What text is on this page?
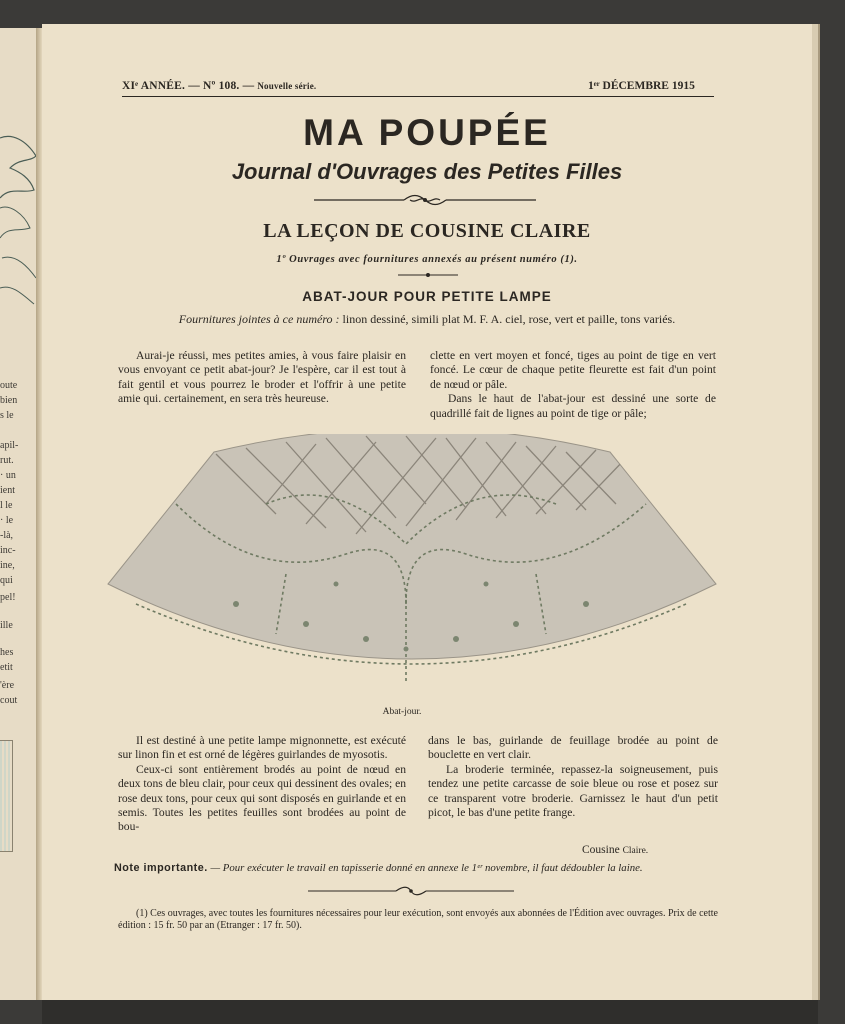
oute
bien
s le
apil-
rut.
· un
ient
l le
· le
-là,
inc-
ine,
qui
pel!
ille
hes
etit
'ère
cout
XIᵉ ANNÉE. — Nº 108. — Nouvelle série.	1ᵉʳ DÉCEMBRE 1915
MA POUPÉE
Journal d'Ouvrages des Petites Filles
LA LEÇON DE COUSINE CLAIRE
1º Ouvrages avec fournitures annexés au présent numéro (1).
ABAT-JOUR POUR PETITE LAMPE
Fournitures jointes à ce numéro : linon dessiné, simili plat M. F. A. ciel, rose, vert et paille, tons variés.

Aurai-je réussi, mes petites amies, à vous faire plaisir en vous envoyant ce petit abat-jour? Je l'espère, car il est tout à fait gentil et vous pourrez le broder et l'offrir à une petite amie qui. certainement, en sera très heureuse.

clette en vert moyen et foncé, tiges au point de tige en vert foncé. Le cœur de chaque petite fleurette est fait d'un point de nœud or pâle.

Dans le haut de l'abat-jour est dessiné une sorte de quadrillé fait de lignes au point de tige or pâle;

Abat-jour.

Il est destiné à une petite lampe mignonnette, est exécuté sur linon fin et est orné de légères guirlandes de myosotis.

Ceux-ci sont entièrement brodés au point de nœud en deux tons de bleu clair, pour ceux qui dessinent des ovales; en rose deux tons, pour ceux qui sont disposés en guirlande et en semis. Toutes les petites feuilles sont brodées au point de bou-

dans le bas, guirlande de feuillage brodée au point de bouclette en vert clair.

La broderie terminée, repassez-la soigneusement, puis tendez une petite carcasse de soie bleue ou rose et posez sur ce transparent votre broderie. Garnissez le haut d'un petit picot, le bas d'une petite frange.

Cousine Claire.
Note importante. — Pour exécuter le travail en tapisserie donné en annexe le 1ᵉʳ novembre, il faut dédoubler la laine.

(1) Ces ouvrages, avec toutes les fournitures nécessaires pour leur exécution, sont envoyés aux abonnées de l'Édition avec ouvrages. Prix de cette édition : 15 fr. 50 par an (Etranger : 17 fr. 50).
